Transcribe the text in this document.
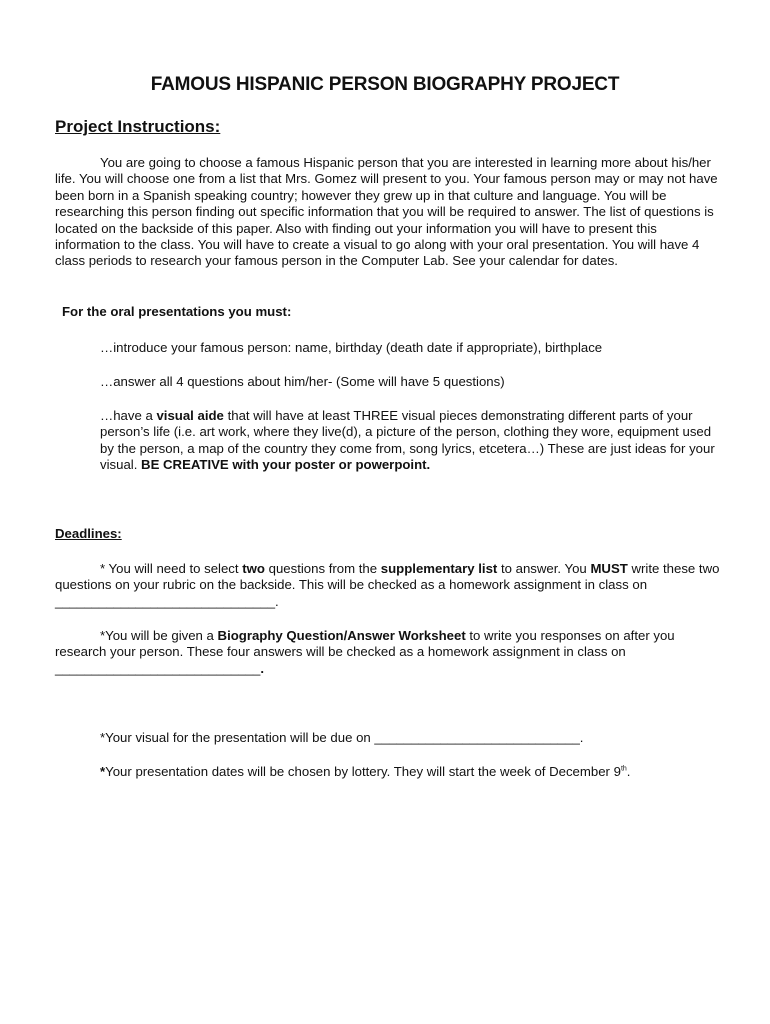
FAMOUS HISPANIC PERSON BIOGRAPHY PROJECT
Project Instructions:
You are going to choose a famous Hispanic person that you are interested in learning more about his/her life. You will choose one from a list that Mrs. Gomez will present to you. Your famous person may or may not have been born in a Spanish speaking country; however they grew up in that culture and language. You will be researching this person finding out specific information that you will be required to answer. The list of questions is located on the backside of this paper. Also with finding out your information you will have to present this information to the class. You will have to create a visual to go along with your oral presentation. You will have 4 class periods to research your famous person in the Computer Lab. See your calendar for dates.
For the oral presentations you must:
…introduce your famous person: name, birthday (death date if appropriate), birthplace
…answer all 4 questions about him/her- (Some will have 5 questions)
…have a visual aide that will have at least THREE visual pieces demonstrating different parts of your person’s life (i.e. art work, where they live(d), a picture of the person, clothing they wore, equipment used by the person, a map of the country they come from, song lyrics, etcetera…) These are just ideas for your visual. BE CREATIVE with your poster or powerpoint.
Deadlines:
* You will need to select two questions from the supplementary list to answer. You MUST write these two questions on your rubric on the backside. This will be checked as a homework assignment in class on ______________________________.
*You will be given a Biography Question/Answer Worksheet to write you responses on after you research your person. These four answers will be checked as a homework assignment in class on ____________________________.
*Your visual for the presentation will be due on ____________________________.
*Your presentation dates will be chosen by lottery. They will start the week of December 9th.
